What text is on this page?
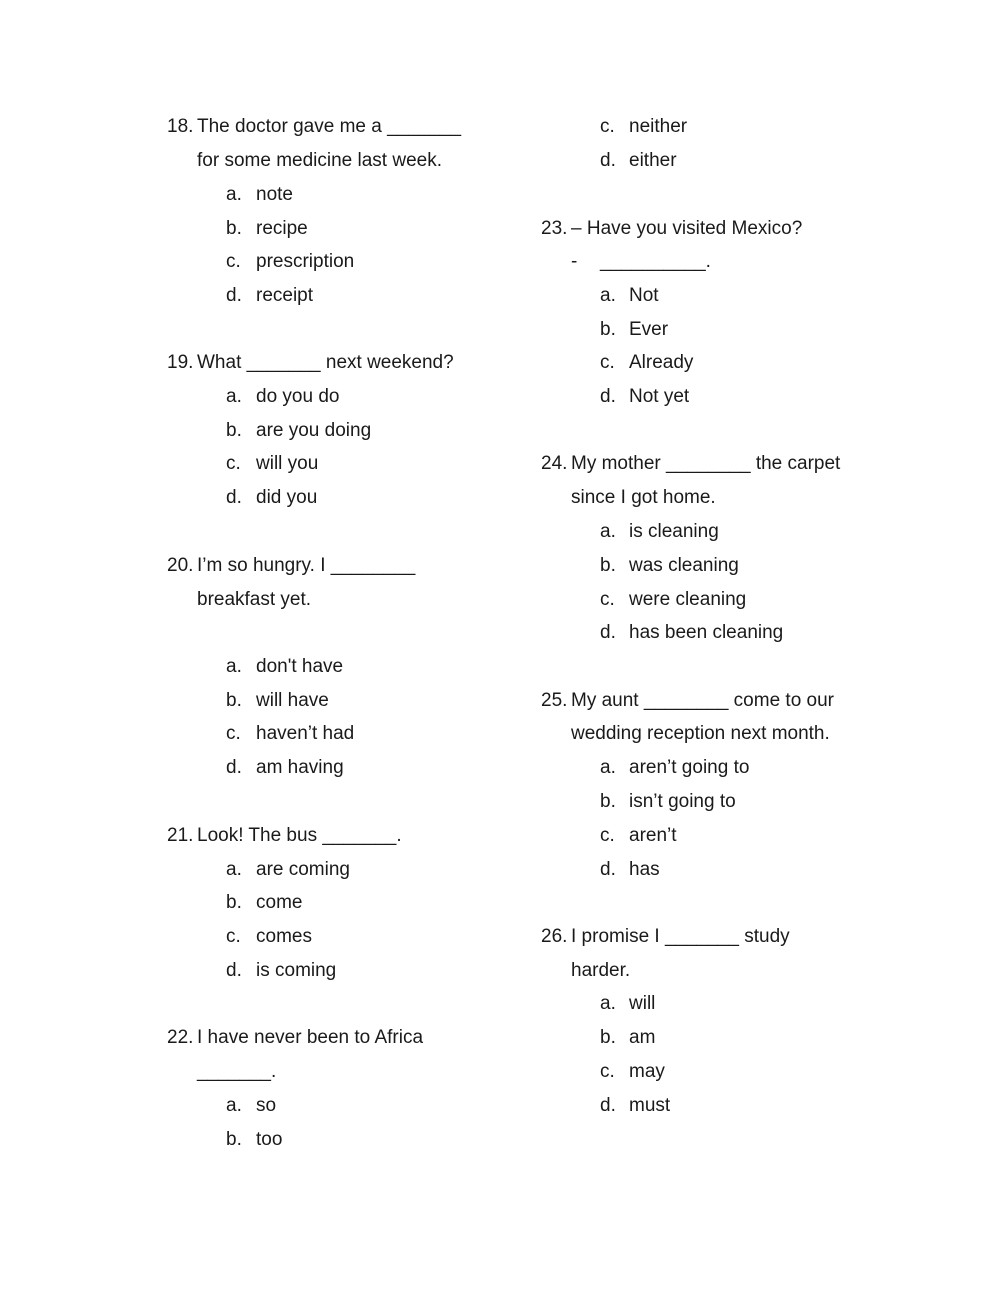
18. The doctor gave me a _______
for some medicine last week.
a. note
b. recipe
c. prescription
d. receipt
19. What _______ next weekend?
a. do you do
b. are you doing
c. will you
d. did you
20. I’m so hungry. I ________
breakfast yet.
a. don't have
b. will have
c. haven’t had
d. am having
21. Look! The bus _______.
a. are coming
b. come
c. comes
d. is coming
22. I have never been to Africa
_______.
a. so
b. too
c. neither
d. either
23. – Have you visited Mexico?
- __________.
a. Not
b. Ever
c. Already
d. Not yet
24. My mother ________ the carpet
since I got home.
a. is cleaning
b. was cleaning
c. were cleaning
d. has been cleaning
25. My aunt ________ come to our
wedding reception next month.
a. aren’t going to
b. isn’t going to
c. aren’t
d. has
26. I promise I _______ study
harder.
a. will
b. am
c. may
d. must
